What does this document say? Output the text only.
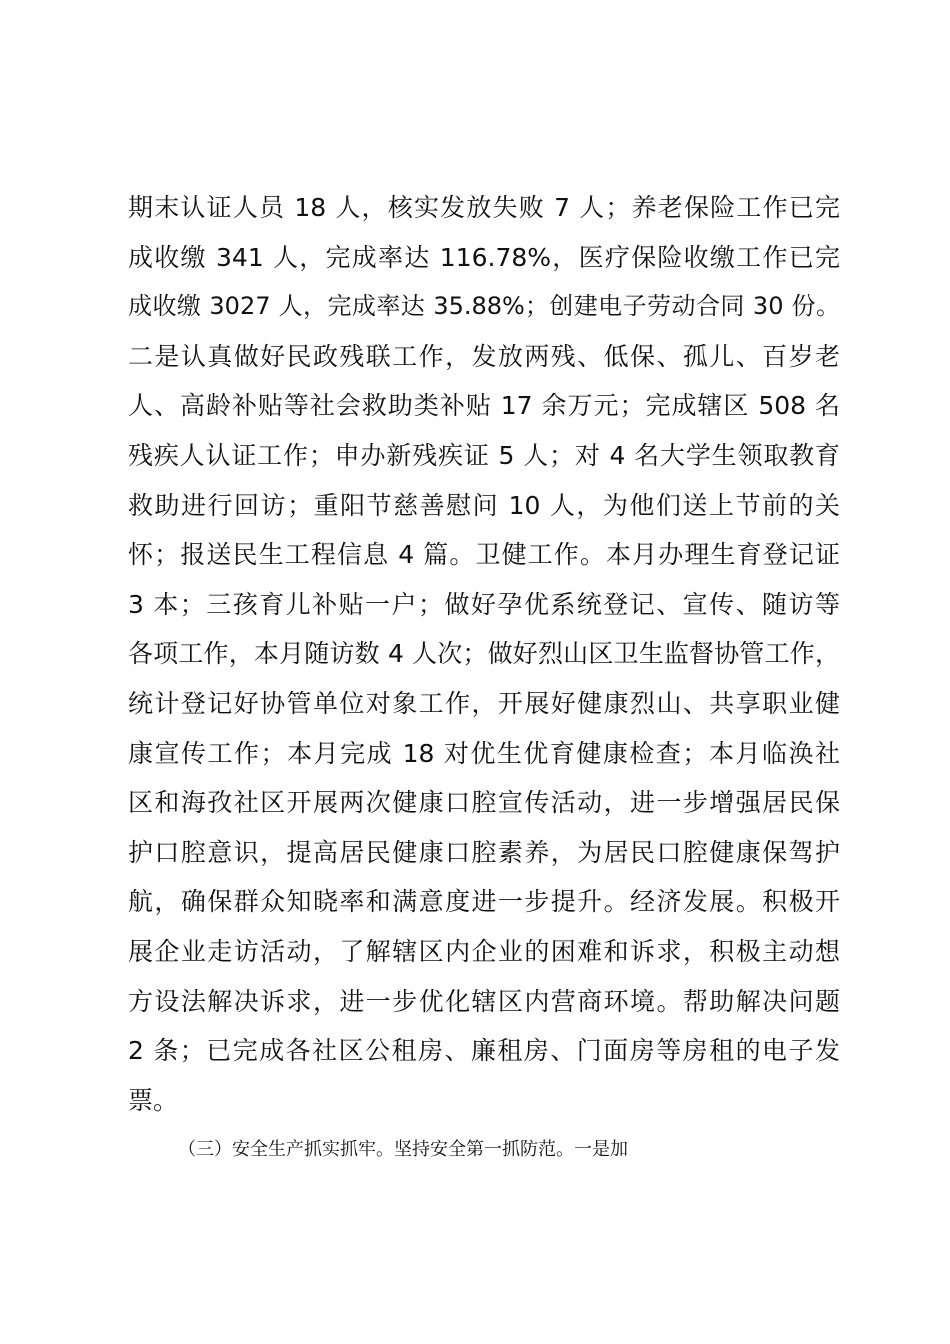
期末认证人员 18 人，核实发放失败 7 人；养老保险工作已完
成收缴 341 人，完成率达 116.78%，医疗保险收缴工作已完
成收缴 3027 人，完成率达 35.88%；创建电子劳动合同 30 份。
二是认真做好民政残联工作，发放两残、低保、孤儿、百岁老
人、高龄补贴等社会救助类补贴 17 余万元；完成辖区 508 名
残疾人认证工作；申办新残疾证 5 人；对 4 名大学生领取教育
救助进行回访；重阳节慈善慰问 10 人，为他们送上节前的关
怀；报送民生工程信息 4 篇。卫健工作。本月办理生育登记证
3 本；三孩育儿补贴一户；做好孕优系统登记、宣传、随访等
各项工作，本月随访数 4 人次；做好烈山区卫生监督协管工作，
统计登记好协管单位对象工作，开展好健康烈山、共享职业健
康宣传工作；本月完成 18 对优生优育健康检查；本月临涣社
区和海孜社区开展两次健康口腔宣传活动，进一步增强居民保
护口腔意识，提高居民健康口腔素养，为居民口腔健康保驾护
航，确保群众知晓率和满意度进一步提升。经济发展。积极开
展企业走访活动，了解辖区内企业的困难和诉求，积极主动想
方设法解决诉求，进一步优化辖区内营商环境。帮助解决问题
2 条；已完成各社区公租房、廉租房、门面房等房租的电子发
票。
（三）安全生产抓实抓牢。坚持安全第一抓防范。一是加
